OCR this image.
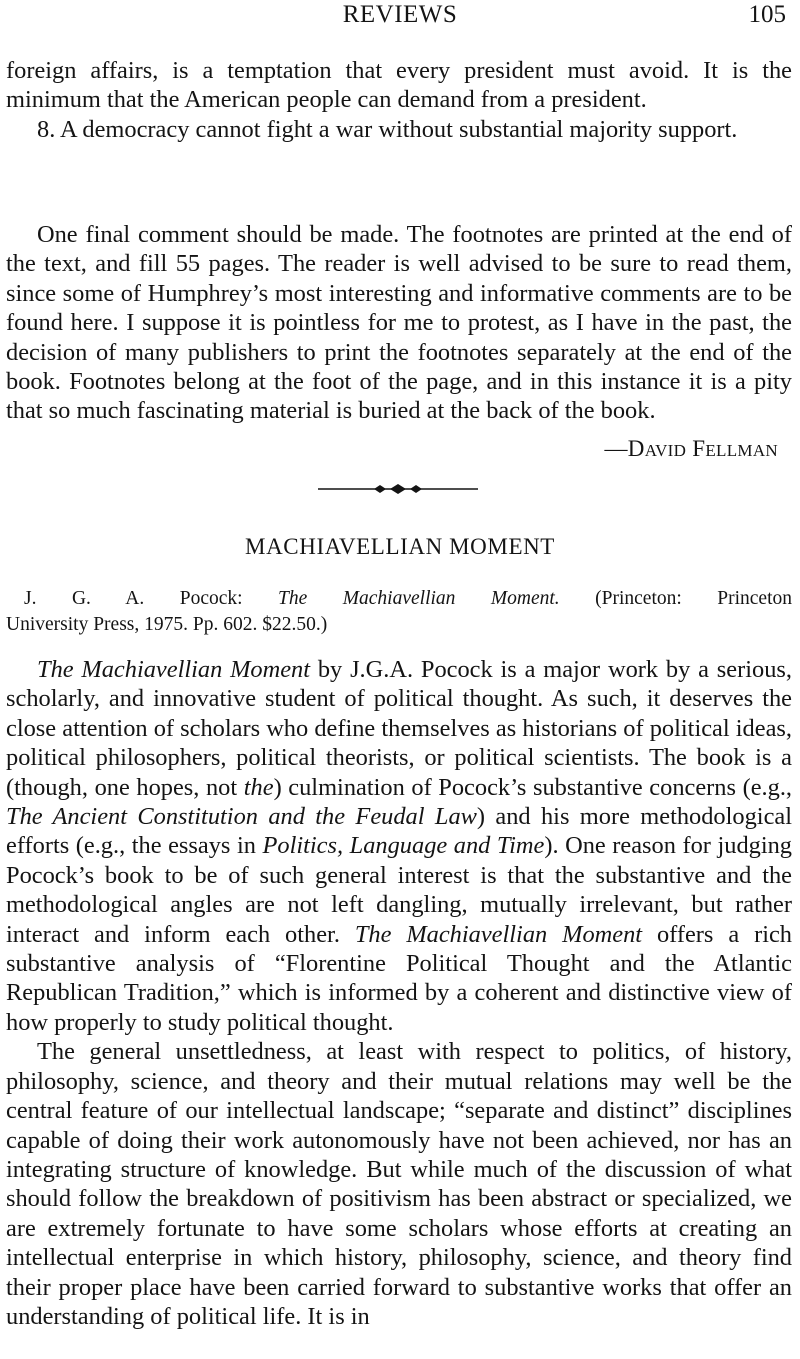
REVIEWS	105

foreign affairs, is a temptation that every president must avoid. It is the minimum that the American people can demand from a president.

8. A democracy cannot fight a war without substantial majority support.

One final comment should be made. The footnotes are printed at the end of the text, and fill 55 pages. The reader is well advised to be sure to read them, since some of Humphrey’s most interesting and informative comments are to be found here. I suppose it is pointless for me to protest, as I have in the past, the decision of many publishers to print the footnotes separately at the end of the book. Footnotes belong at the foot of the page, and in this instance it is a pity that so much fascinating material is buried at the back of the book.

—DAVID FELLMAN
MACHIAVELLIAN MOMENT
J. G. A. Pocock: The Machiavellian Moment. (Princeton: Princeton
University Press, 1975. Pp. 602. $22.50.)

The Machiavellian Moment by J.G.A. Pocock is a major work by a serious, scholarly, and innovative student of political thought. As such, it deserves the close attention of scholars who define themselves as historians of political ideas, political philosophers, political theorists, or political scientists. The book is a (though, one hopes, not the) culmination of Pocock’s substantive concerns (e.g., The Ancient Constitution and the Feudal Law) and his more methodological efforts (e.g., the essays in Politics, Language and Time). One reason for judging Pocock’s book to be of such general interest is that the substantive and the methodological angles are not left dangling, mutually irrelevant, but rather interact and inform each other. The Machiavellian Moment offers a rich substantive analysis of “Florentine Political Thought and the Atlantic Republican Tradition,” which is informed by a coherent and distinctive view of how properly to study political thought.

The general unsettledness, at least with respect to politics, of history, philosophy, science, and theory and their mutual relations may well be the central feature of our intellectual landscape; “separate and distinct” disciplines capable of doing their work autonomously have not been achieved, nor has an integrating structure of knowledge. But while much of the discussion of what should follow the breakdown of positivism has been abstract or specialized, we are extremely fortunate to have some scholars whose efforts at creating an intellectual enterprise in which history, philosophy, science, and theory find their proper place have been carried forward to substantive works that offer an understanding of political life. It is in
